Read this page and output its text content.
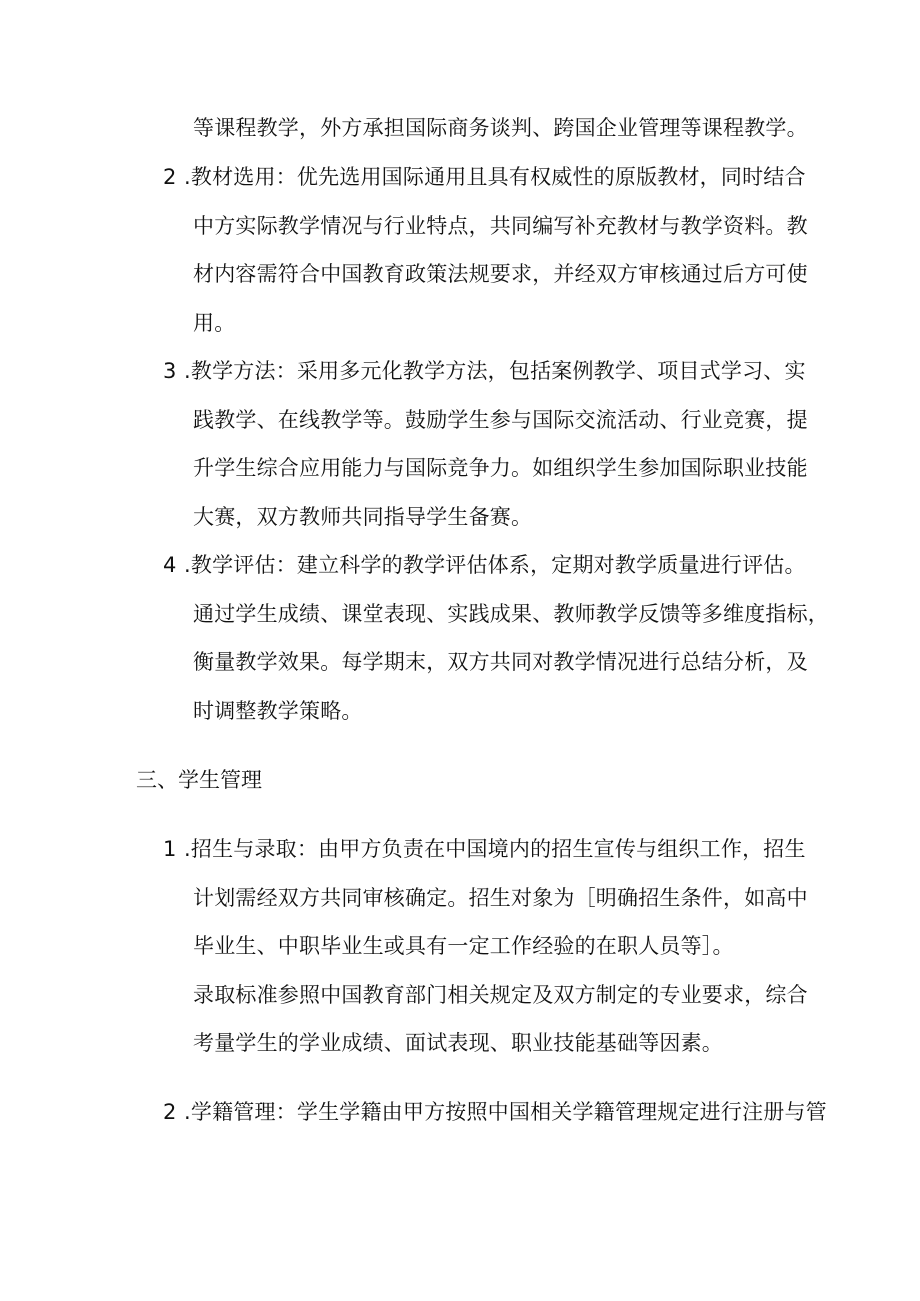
等课程教学，外方承担国际商务谈判、跨国企业管理等课程教学。
2 .教材选用：优先选用国际通用且具有权威性的原版教材，同时结合
中方实际教学情况与行业特点，共同编写补充教材与教学资料。教
材内容需符合中国教育政策法规要求，并经双方审核通过后方可使
用。
3 .教学方法：采用多元化教学方法，包括案例教学、项目式学习、实
践教学、在线教学等。鼓励学生参与国际交流活动、行业竞赛，提
升学生综合应用能力与国际竞争力。如组织学生参加国际职业技能
大赛，双方教师共同指导学生备赛。
4 .教学评估：建立科学的教学评估体系，定期对教学质量进行评估。
通过学生成绩、课堂表现、实践成果、教师教学反馈等多维度指标，
衡量教学效果。每学期末，双方共同对教学情况进行总结分析，及
时调整教学策略。
三、学生管理
1 .招生与录取：由甲方负责在中国境内的招生宣传与组织工作，招生
计划需经双方共同审核确定。招生对象为［明确招生条件，如高中
毕业生、中职毕业生或具有一定工作经验的在职人员等］。
录取标准参照中国教育部门相关规定及双方制定的专业要求，综合
考量学生的学业成绩、面试表现、职业技能基础等因素。
2 .学籍管理：学生学籍由甲方按照中国相关学籍管理规定进行注册与管
